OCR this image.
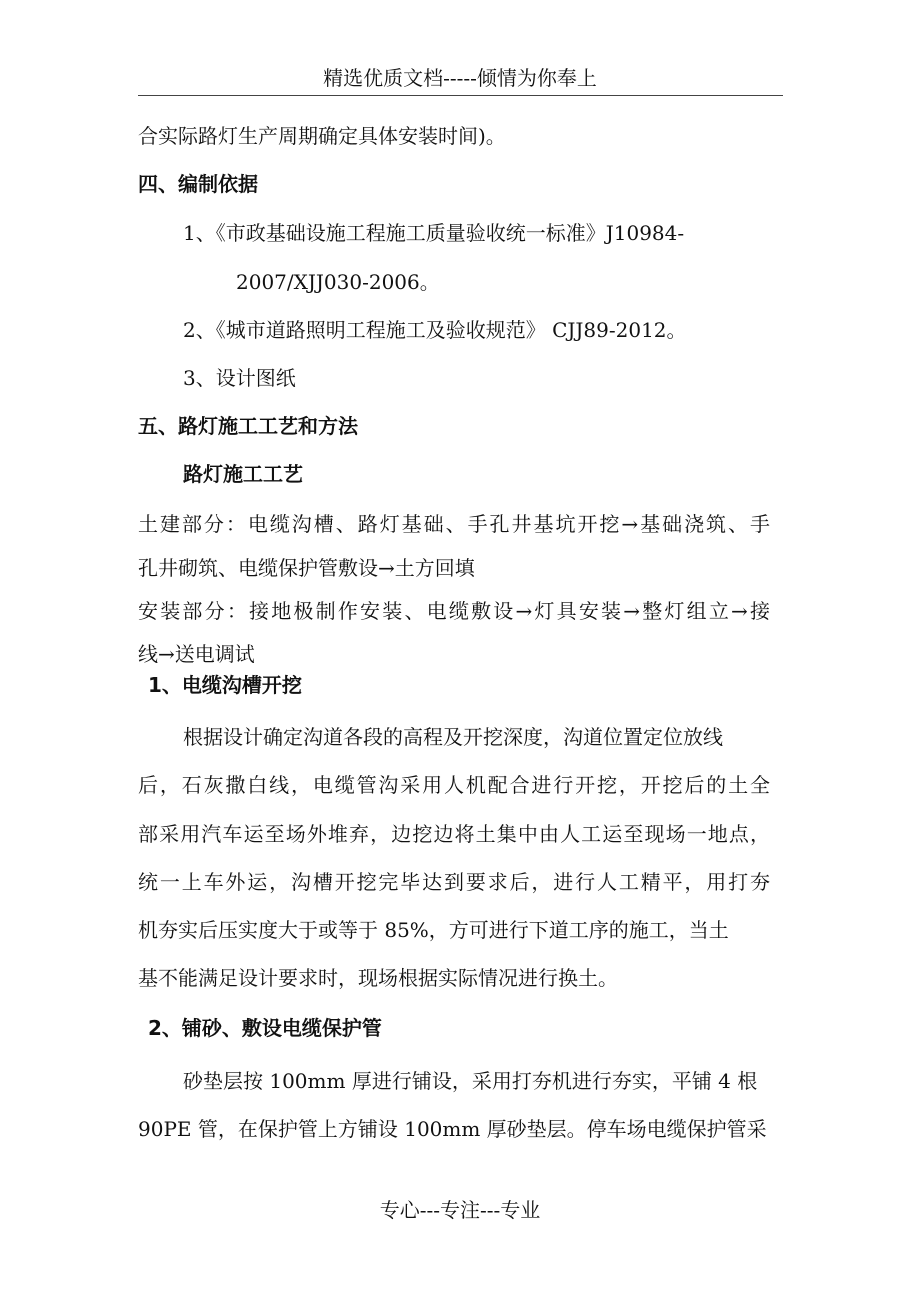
精选优质文档-----倾情为你奉上
合实际路灯生产周期确定具体安装时间)。
四、编制依据
1、《市政基础设施工程施工质量验收统一标准》J10984-
2007/XJJ030-2006。
2、《城市道路照明工程施工及验收规范》 CJJ89-2012。
3、设计图纸
五、路灯施工工艺和方法
路灯施工工艺
土建部分：电缆沟槽、路灯基础、手孔井基坑开挖→基础浇筑、手
孔井砌筑、电缆保护管敷设→土方回填
安装部分：接地极制作安装、电缆敷设→灯具安装→整灯组立→接
线→送电调试
1、电缆沟槽开挖
根据设计确定沟道各段的高程及开挖深度，沟道位置定位放线
后，石灰撒白线，电缆管沟采用人机配合进行开挖，开挖后的土全
部采用汽车运至场外堆弃，边挖边将土集中由人工运至现场一地点，
统一上车外运，沟槽开挖完毕达到要求后，进行人工精平，用打夯
机夯实后压实度大于或等于 85%，方可进行下道工序的施工，当土
基不能满足设计要求时，现场根据实际情况进行换土。
2、铺砂、敷设电缆保护管
砂垫层按 100mm 厚进行铺设，采用打夯机进行夯实，平铺 4 根
90PE 管，在保护管上方铺设 100mm 厚砂垫层。停车场电缆保护管采
专心---专注---专业
